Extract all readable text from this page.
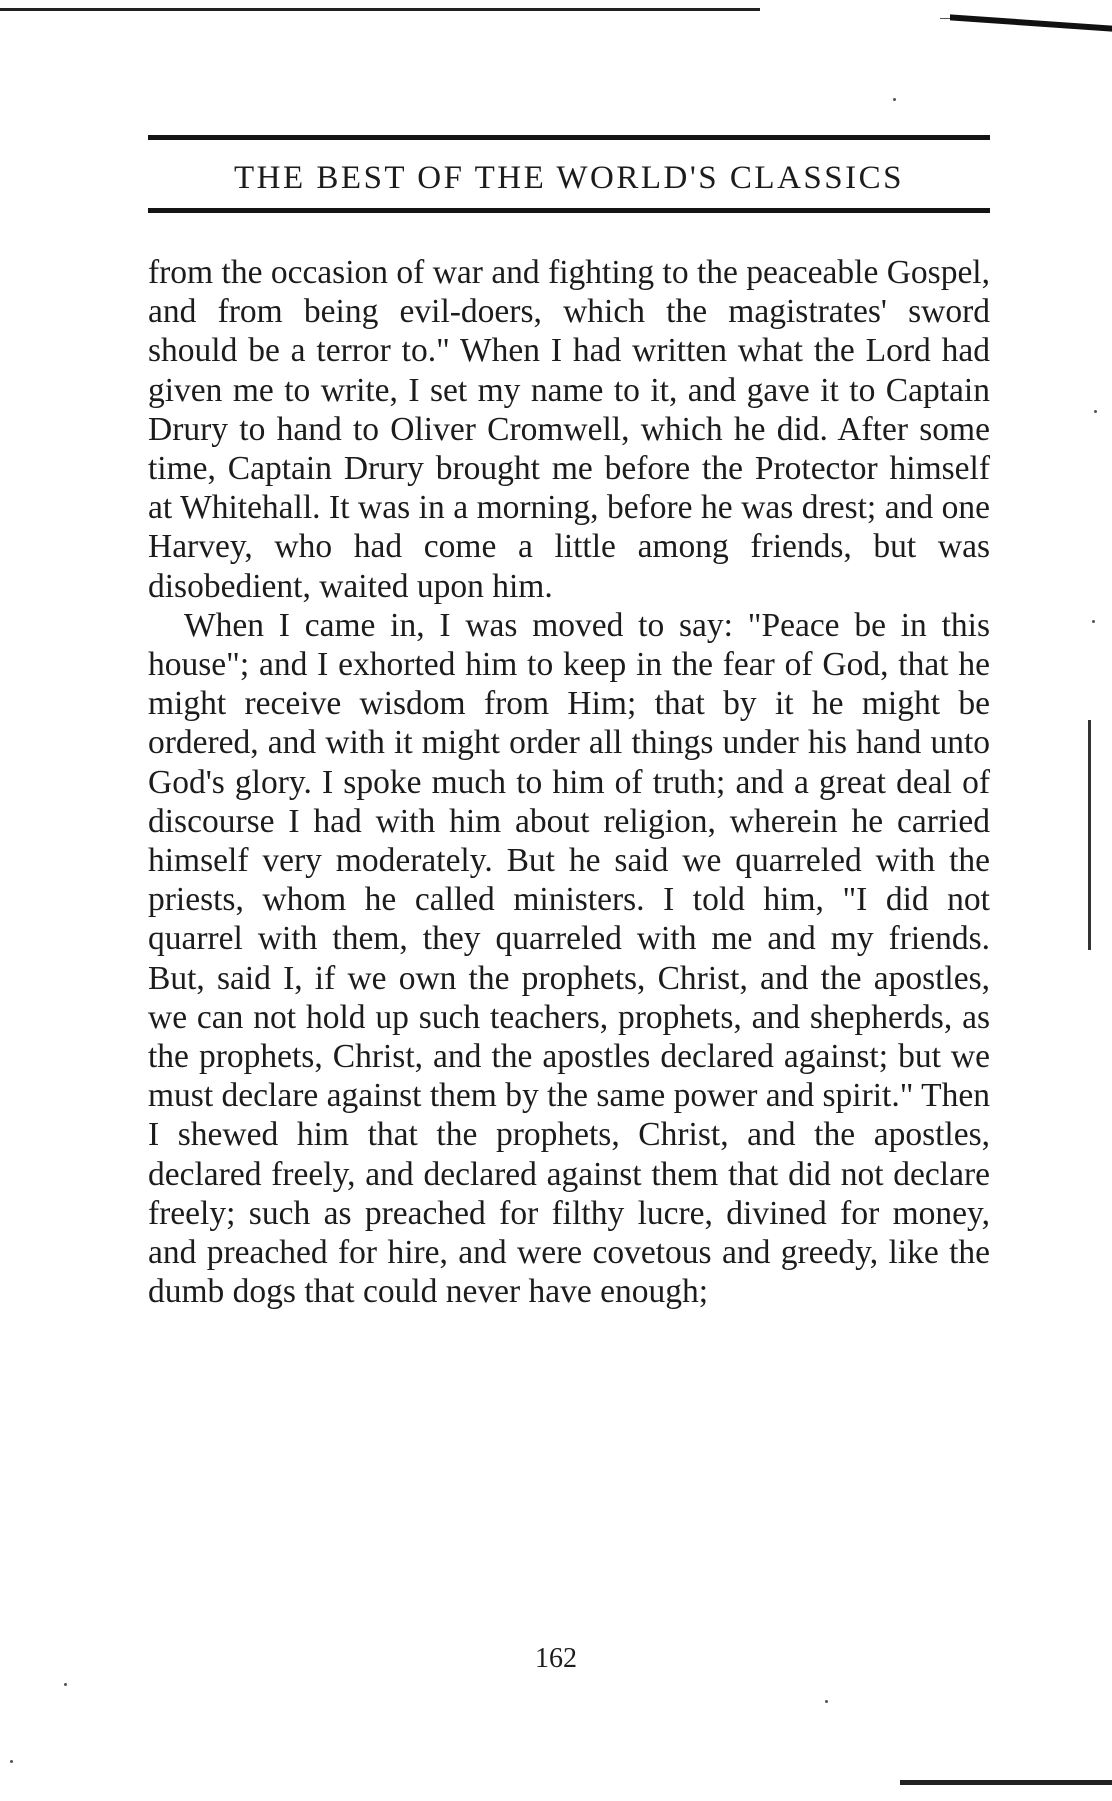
THE BEST OF THE WORLD'S CLASSICS

from the occasion of war and fighting to the peaceable Gospel, and from being evil-doers, which the magistrates' sword should be a terror to." When I had written what the Lord had given me to write, I set my name to it, and gave it to Captain Drury to hand to Oliver Cromwell, which he did. After some time, Captain Drury brought me before the Protector himself at Whitehall. It was in a morning, before he was drest; and one Harvey, who had come a little among friends, but was disobedient, waited upon him.

When I came in, I was moved to say: "Peace be in this house"; and I exhorted him to keep in the fear of God, that he might receive wisdom from Him; that by it he might be ordered, and with it might order all things under his hand unto God's glory. I spoke much to him of truth; and a great deal of discourse I had with him about religion, wherein he carried himself very moderately. But he said we quarreled with the priests, whom he called ministers. I told him, "I did not quarrel with them, they quarreled with me and my friends. But, said I, if we own the prophets, Christ, and the apostles, we can not hold up such teachers, prophets, and shepherds, as the prophets, Christ, and the apostles declared against; but we must declare against them by the same power and spirit." Then I shewed him that the prophets, Christ, and the apostles, declared freely, and declared against them that did not declare freely; such as preached for filthy lucre, divined for money, and preached for hire, and were covetous and greedy, like the dumb dogs that could never have enough;

162
